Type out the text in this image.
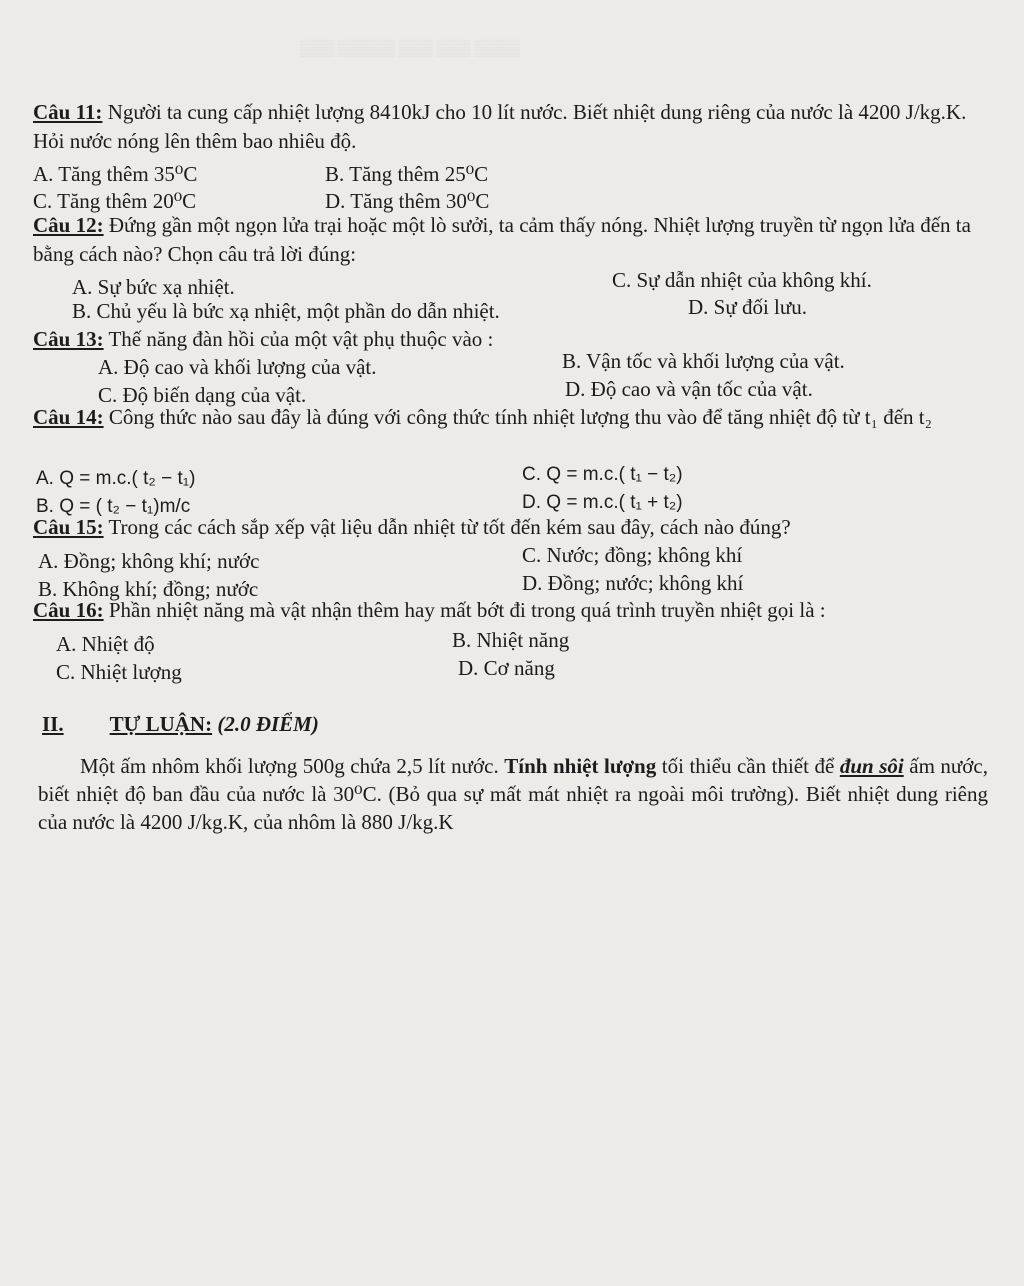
▒▒▒ ▒▒▒▒▒ ▒▒▒ ▒▒▒ ▒▒▒▒
Câu 11: Người ta cung cấp nhiệt lượng 8410kJ cho 10 lít nước. Biết nhiệt dung riêng của nước là 4200 J/kg.K. Hỏi nước nóng lên thêm bao nhiêu độ.
A. Tăng thêm 35⁰C	B. Tăng thêm 25⁰C
C. Tăng thêm 20⁰C	D. Tăng thêm 30⁰C
Câu 12: Đứng gần một ngọn lửa trại hoặc một lò sưởi, ta cảm thấy nóng. Nhiệt lượng truyền từ ngọn lửa đến ta bằng cách nào? Chọn câu trả lời đúng:
A. Sự bức xạ nhiệt.	C. Sự dẫn nhiệt của không khí.
B. Chủ yếu là bức xạ nhiệt, một phần do dẫn nhiệt.	D. Sự đối lưu.
Câu 13: Thế năng đàn hồi của một vật phụ thuộc vào :
A. Độ cao và khối lượng của vật.	B. Vận tốc và khối lượng của vật.
C. Độ biến dạng của vật.	D. Độ cao và vận tốc của vật.
Câu 14: Công thức nào sau đây là đúng với công thức tính nhiệt lượng thu vào để tăng nhiệt độ từ t₁ đến t₂
A. Q = m.c.( t₂ − t₁)	C. Q = m.c.( t₁ − t₂)
B. Q = ( t₂ − t₁)m/c	D. Q = m.c.( t₁ + t₂)
Câu 15: Trong các cách sắp xếp vật liệu dẫn nhiệt từ tốt đến kém sau đây, cách nào đúng?
A. Đồng; không khí; nước	C. Nước; đồng; không khí
B. Không khí; đồng; nước	D. Đồng; nước; không khí
Câu 16: Phần nhiệt năng mà vật nhận thêm hay mất bớt đi trong quá trình truyền nhiệt gọi là :
A. Nhiệt độ	B. Nhiệt năng
C. Nhiệt lượng	D. Cơ năng
II. TỰ LUẬN: (2.0 ĐIỂM)
Một ấm nhôm khối lượng 500g chứa 2,5 lít nước. Tính nhiệt lượng tối thiểu cần thiết để đun sôi ấm nước, biết nhiệt độ ban đầu của nước là 30⁰C. (Bỏ qua sự mất mát nhiệt ra ngoài môi trường). Biết nhiệt dung riêng của nước là 4200 J/kg.K, của nhôm là 880 J/kg.K
